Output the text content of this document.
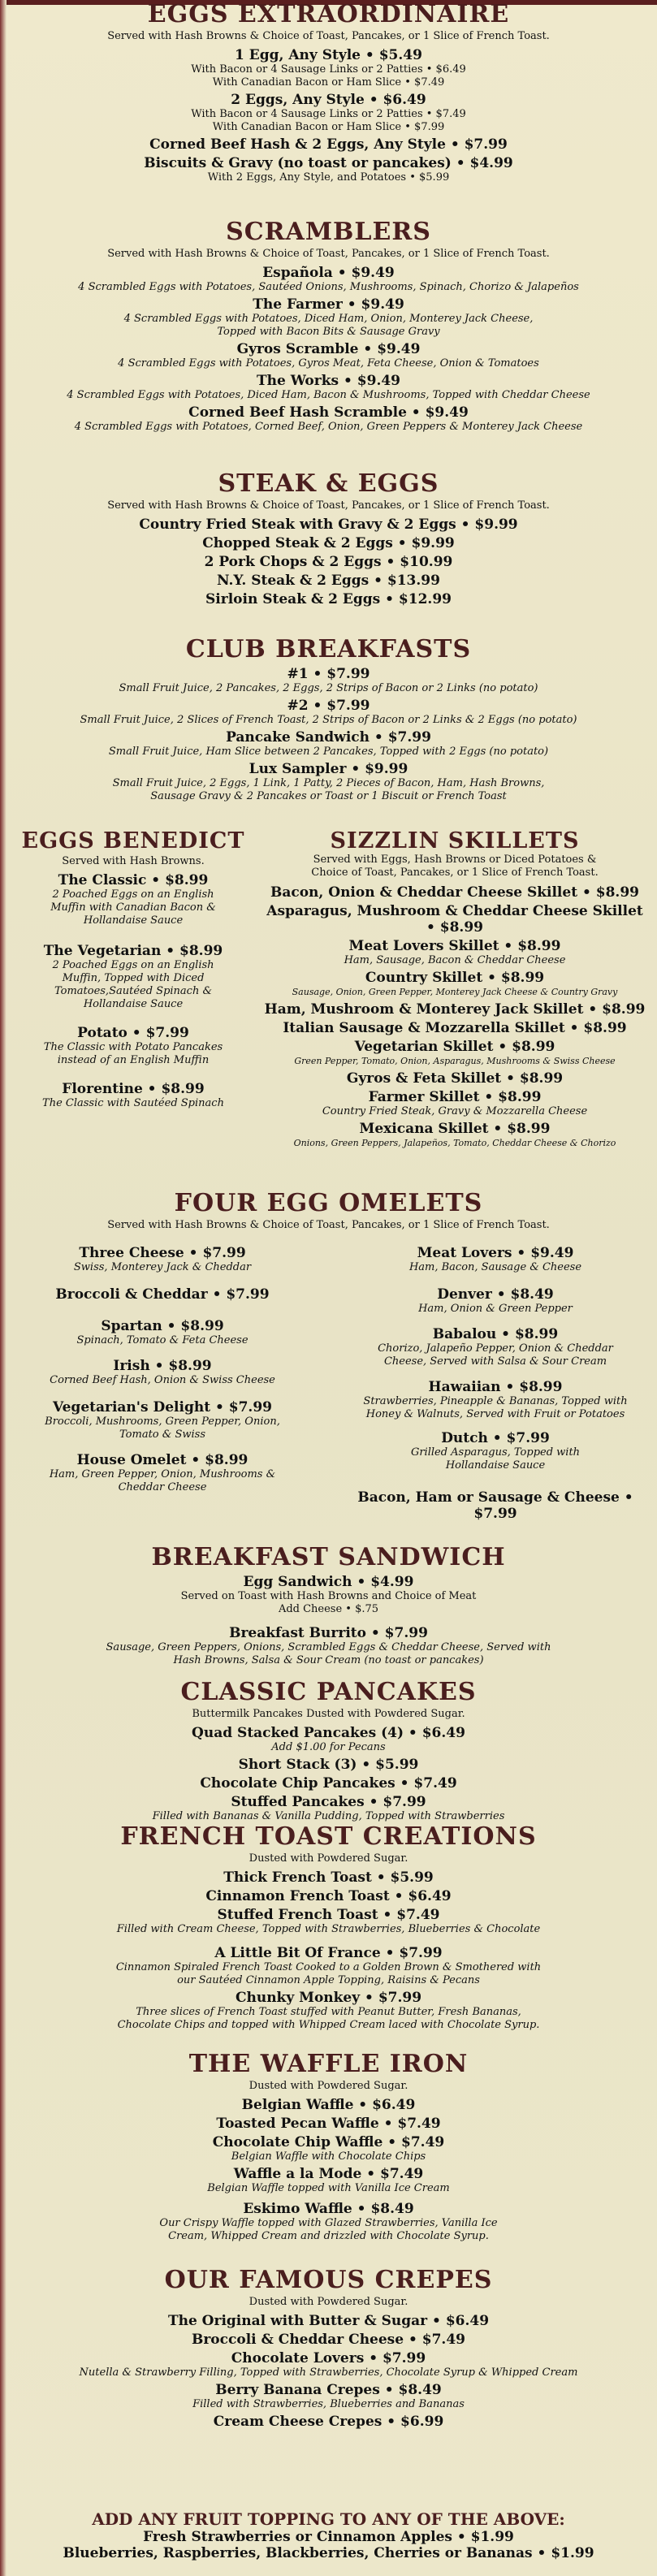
EGGS EXTRAORDINAIRE
Served with Hash Browns & Choice of Toast, Pancakes, or 1 Slice of French Toast.
1 Egg, Any Style • $5.49
With Bacon or 4 Sausage Links or 2 Patties • $6.49
With Canadian Bacon or Ham Slice • $7.49
2 Eggs, Any Style • $6.49
With Bacon or 4 Sausage Links or 2 Patties • $7.49
With Canadian Bacon or Ham Slice • $7.99
Corned Beef Hash & 2 Eggs, Any Style • $7.99
Biscuits & Gravy (no toast or pancakes) • $4.99
With 2 Eggs, Any Style, and Potatoes • $5.99
SCRAMBLERS
Served with Hash Browns & Choice of Toast, Pancakes, or 1 Slice of French Toast.
Española • $9.49
4 Scrambled Eggs with Potatoes, Sautéed Onions, Mushrooms, Spinach, Chorizo & Jalapeños
The Farmer • $9.49
4 Scrambled Eggs with Potatoes, Diced Ham, Onion, Monterey Jack Cheese,
Topped with Bacon Bits & Sausage Gravy
Gyros Scramble • $9.49
4 Scrambled Eggs with Potatoes, Gyros Meat, Feta Cheese, Onion & Tomatoes
The Works • $9.49
4 Scrambled Eggs with Potatoes, Diced Ham, Bacon & Mushrooms, Topped with Cheddar Cheese
Corned Beef Hash Scramble • $9.49
4 Scrambled Eggs with Potatoes, Corned Beef, Onion, Green Peppers & Monterey Jack Cheese
STEAK & EGGS
Served with Hash Browns & Choice of Toast, Pancakes, or 1 Slice of French Toast.
Country Fried Steak with Gravy & 2 Eggs • $9.99
Chopped Steak & 2 Eggs • $9.99
2 Pork Chops & 2 Eggs • $10.99
N.Y. Steak & 2 Eggs • $13.99
Sirloin Steak & 2 Eggs • $12.99
CLUB BREAKFASTS
#1 • $7.99
Small Fruit Juice, 2 Pancakes, 2 Eggs, 2 Strips of Bacon or 2 Links (no potato)
#2 • $7.99
Small Fruit Juice, 2 Slices of French Toast, 2 Strips of Bacon or 2 Links & 2 Eggs (no potato)
Pancake Sandwich • $7.99
Small Fruit Juice, Ham Slice between 2 Pancakes, Topped with 2 Eggs (no potato)
Lux Sampler • $9.99
Small Fruit Juice, 2 Eggs, 1 Link, 1 Patty, 2 Pieces of Bacon, Ham, Hash Browns,
Sausage Gravy & 2 Pancakes or Toast or 1 Biscuit or French Toast
EGGS BENEDICT
Served with Hash Browns.
The Classic • $8.99
2 Poached Eggs on an English
Muffin with Canadian Bacon &
Hollandaise Sauce
The Vegetarian • $8.99
2 Poached Eggs on an English
Muffin, Topped with Diced
Tomatoes,Sautéed Spinach &
Hollandaise Sauce
Potato • $7.99
The Classic with Potato Pancakes
instead of an English Muffin
Florentine • $8.99
The Classic with Sautéed Spinach
SIZZLIN SKILLETS
Served with Eggs, Hash Browns or Diced Potatoes &
Choice of Toast, Pancakes, or 1 Slice of French Toast.
Bacon, Onion & Cheddar Cheese Skillet • $8.99
Asparagus, Mushroom & Cheddar Cheese Skillet • $8.99
Meat Lovers Skillet • $8.99
Ham, Sausage, Bacon & Cheddar Cheese
Country Skillet • $8.99
Sausage, Onion, Green Pepper, Monterey Jack Cheese & Country Gravy
Ham, Mushroom & Monterey Jack Skillet • $8.99
Italian Sausage & Mozzarella Skillet • $8.99
Vegetarian Skillet • $8.99
Green Pepper, Tomato, Onion, Asparagus, Mushrooms & Swiss Cheese
Gyros & Feta Skillet • $8.99
Farmer Skillet • $8.99
Country Fried Steak, Gravy & Mozzarella Cheese
Mexicana Skillet • $8.99
Onions, Green Peppers, Jalapeños, Tomato, Cheddar Cheese & Chorizo
FOUR EGG OMELETS
Served with Hash Browns & Choice of Toast, Pancakes, or 1 Slice of French Toast.
Three Cheese • $7.99
Swiss, Monterey Jack & Cheddar
Broccoli & Cheddar • $7.99
Spartan • $8.99
Spinach, Tomato & Feta Cheese
Irish • $8.99
Corned Beef Hash, Onion & Swiss Cheese
Vegetarian's Delight • $7.99
Broccoli, Mushrooms, Green Pepper, Onion,
Tomato & Swiss
House Omelet • $8.99
Ham, Green Pepper, Onion, Mushrooms &
Cheddar Cheese
Meat Lovers • $9.49
Ham, Bacon, Sausage & Cheese
Denver • $8.49
Ham, Onion & Green Pepper
Babalou • $8.99
Chorizo, Jalapeño Pepper, Onion & Cheddar
Cheese, Served with Salsa & Sour Cream
Hawaiian • $8.99
Strawberries, Pineapple & Bananas, Topped with
Honey & Walnuts, Served with Fruit or Potatoes
Dutch • $7.99
Grilled Asparagus, Topped with
Hollandaise Sauce
Bacon, Ham or Sausage & Cheese • $7.99
BREAKFAST SANDWICH
Egg Sandwich • $4.99
Served on Toast with Hash Browns and Choice of Meat
Add Cheese • $.75
Breakfast Burrito • $7.99
Sausage, Green Peppers, Onions, Scrambled Eggs & Cheddar Cheese, Served with
Hash Browns, Salsa & Sour Cream (no toast or pancakes)
CLASSIC PANCAKES
Buttermilk Pancakes Dusted with Powdered Sugar.
Quad Stacked Pancakes (4) • $6.49
Add $1.00 for Pecans
Short Stack (3) • $5.99
Chocolate Chip Pancakes • $7.49
Stuffed Pancakes • $7.99
Filled with Bananas & Vanilla Pudding, Topped with Strawberries
FRENCH TOAST CREATIONS
Dusted with Powdered Sugar.
Thick French Toast • $5.99
Cinnamon French Toast • $6.49
Stuffed French Toast • $7.49
Filled with Cream Cheese, Topped with Strawberries, Blueberries & Chocolate
A Little Bit Of France • $7.99
Cinnamon Spiraled French Toast Cooked to a Golden Brown & Smothered with
our Sautéed Cinnamon Apple Topping, Raisins & Pecans
Chunky Monkey • $7.99
Three slices of French Toast stuffed with Peanut Butter, Fresh Bananas,
Chocolate Chips and topped with Whipped Cream laced with Chocolate Syrup.
THE WAFFLE IRON
Dusted with Powdered Sugar.
Belgian Waffle • $6.49
Toasted Pecan Waffle • $7.49
Chocolate Chip Waffle • $7.49
Belgian Waffle with Chocolate Chips
Waffle a la Mode • $7.49
Belgian Waffle topped with Vanilla Ice Cream
Eskimo Waffle • $8.49
Our Crispy Waffle topped with Glazed Strawberries, Vanilla Ice
Cream, Whipped Cream and drizzled with Chocolate Syrup.
OUR FAMOUS CREPES
Dusted with Powdered Sugar.
The Original with Butter & Sugar • $6.49
Broccoli & Cheddar Cheese • $7.49
Chocolate Lovers • $7.99
Nutella & Strawberry Filling, Topped with Strawberries, Chocolate Syrup & Whipped Cream
Berry Banana Crepes • $8.49
Filled with Strawberries, Blueberries and Bananas
Cream Cheese Crepes • $6.99
ADD ANY FRUIT TOPPING TO ANY OF THE ABOVE:
Fresh Strawberries or Cinnamon Apples • $1.99
Blueberries, Raspberries, Blackberries, Cherries or Bananas • $1.99
